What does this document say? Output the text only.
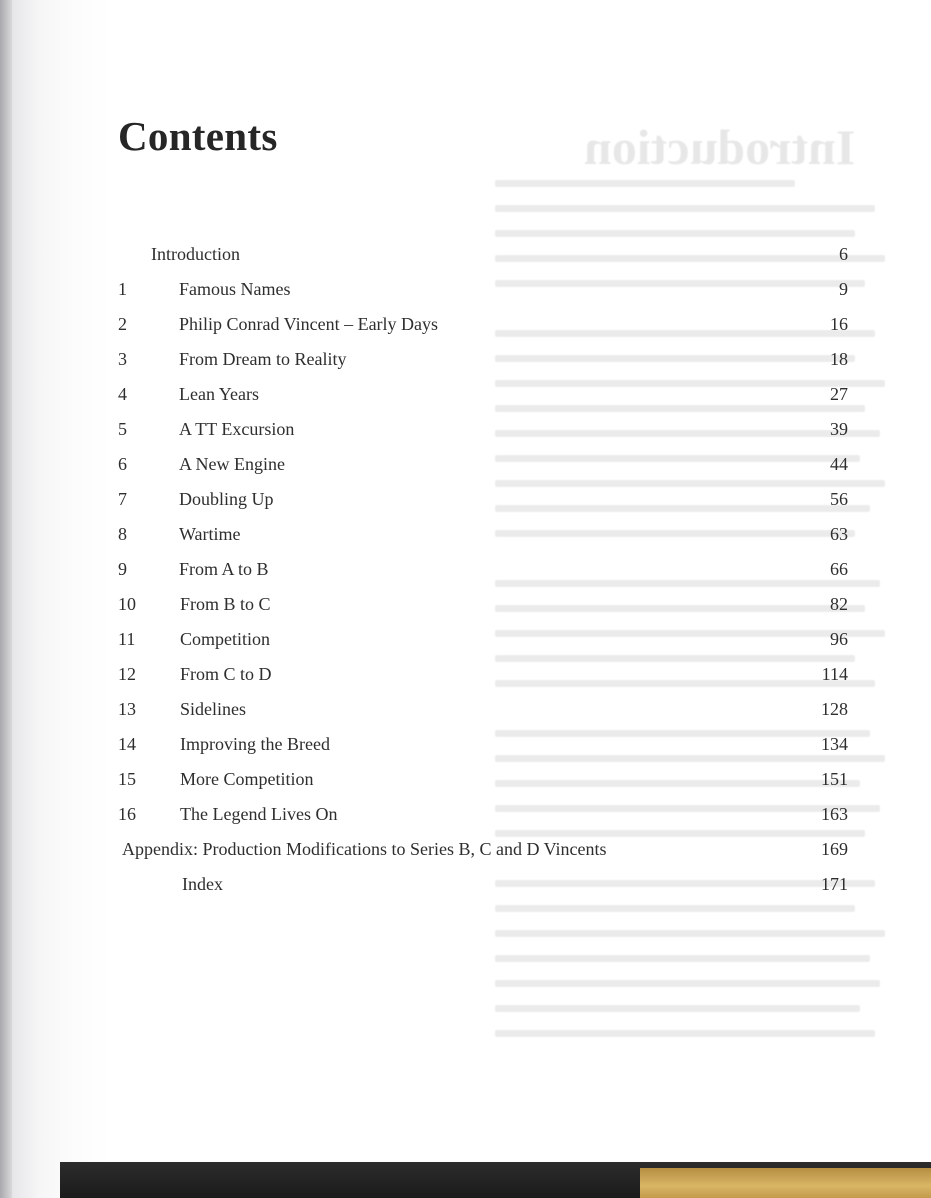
Introduction
Contents
Introduction	6
1	Famous Names	9
2	Philip Conrad Vincent – Early Days	16
3	From Dream to Reality	18
4	Lean Years	27
5	A TT Excursion	39
6	A New Engine	44
7	Doubling Up	56
8	Wartime	63
9	From A to B	66
10 From B to C	82
11 Competition	96
12 From C to D	114
13 Sidelines	128
14 Improving the Breed	134
15 More Competition	151
16 The Legend Lives On	163
Appendix: Production Modifications to Series B, C and D Vincents	169
Index	171
